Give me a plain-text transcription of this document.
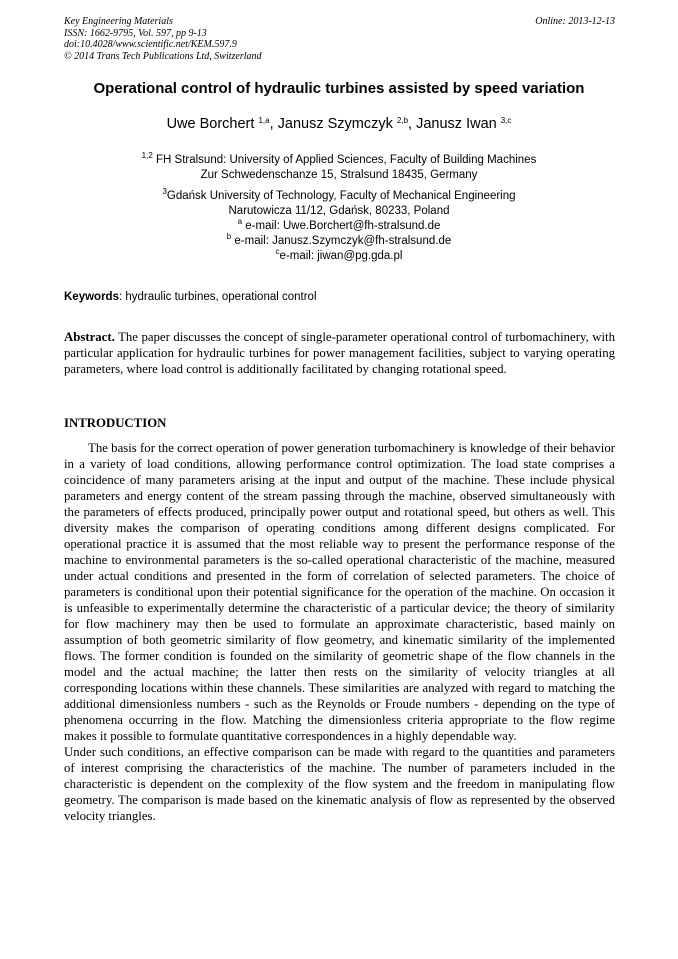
Key Engineering Materials
ISSN: 1662-9795, Vol. 597, pp 9-13
doi:10.4028/www.scientific.net/KEM.597.9
© 2014 Trans Tech Publications Ltd, Switzerland
Online: 2013-12-13
Operational control of hydraulic turbines assisted by speed variation
Uwe Borchert $^{1,a}$, Janusz Szymczyk $^{2,b}$, Janusz Iwan $^{3,c}$
$^{1,2}$ FH Stralsund: University of Applied Sciences, Faculty of Building Machines
Zur Schwedenschanze 15, Stralsund 18435, Germany
$^3$Gdańsk University of Technology, Faculty of Mechanical Engineering
Narutowicza 11/12, Gdańsk, 80233, Poland
$^a$ e-mail: Uwe.Borchert@fh-stralsund.de
$^b$ e-mail: Janusz.Szymczyk@fh-stralsund.de
$^c$e-mail: jiwan@pg.gda.pl
Keywords: hydraulic turbines, operational control
Abstract. The paper discusses the concept of single-parameter operational control of turbomachinery, with particular application for hydraulic turbines for power management facilities, subject to varying operating parameters, where load control is additionally facilitated by changing rotational speed.
INTRODUCTION

The basis for the correct operation of power generation turbomachinery is knowledge of their behavior in a variety of load conditions, allowing performance control optimization. The load state comprises a coincidence of many parameters arising at the input and output of the machine. These include physical parameters and energy content of the stream passing through the machine, observed simultaneously with the parameters of effects produced, principally power output and rotational speed, but others as well. This diversity makes the comparison of operating conditions among different designs complicated. For operational practice it is assumed that the most reliable way to present the performance response of the machine to environmental parameters is the so-called operational characteristic of the machine, measured under actual conditions and presented in the form of correlation of selected parameters. The choice of parameters is conditional upon their potential significance for the operation of the machine. On occasion it is unfeasible to experimentally determine the characteristic of a particular device; the theory of similarity for flow machinery may then be used to formulate an approximate characteristic, based mainly on assumption of both geometric similarity of flow geometry, and kinematic similarity of the implemented flows. The former condition is founded on the similarity of geometric shape of the flow channels in the model and the actual machine; the latter then rests on the similarity of velocity triangles at all corresponding locations within these channels. These similarities are analyzed with regard to matching the additional dimensionless numbers - such as the Reynolds or Froude numbers - depending on the type of phenomena occurring in the flow. Matching the dimensionless criteria appropriate to the flow regime makes it possible to formulate quantitative correspondences in a highly dependable way.

Under such conditions, an effective comparison can be made with regard to the quantities and parameters of interest comprising the characteristics of the machine. The number of parameters included in the characteristic is dependent on the complexity of the flow system and the freedom in manipulating flow geometry. The comparison is made based on the kinematic analysis of flow as represented by the observed velocity triangles.
